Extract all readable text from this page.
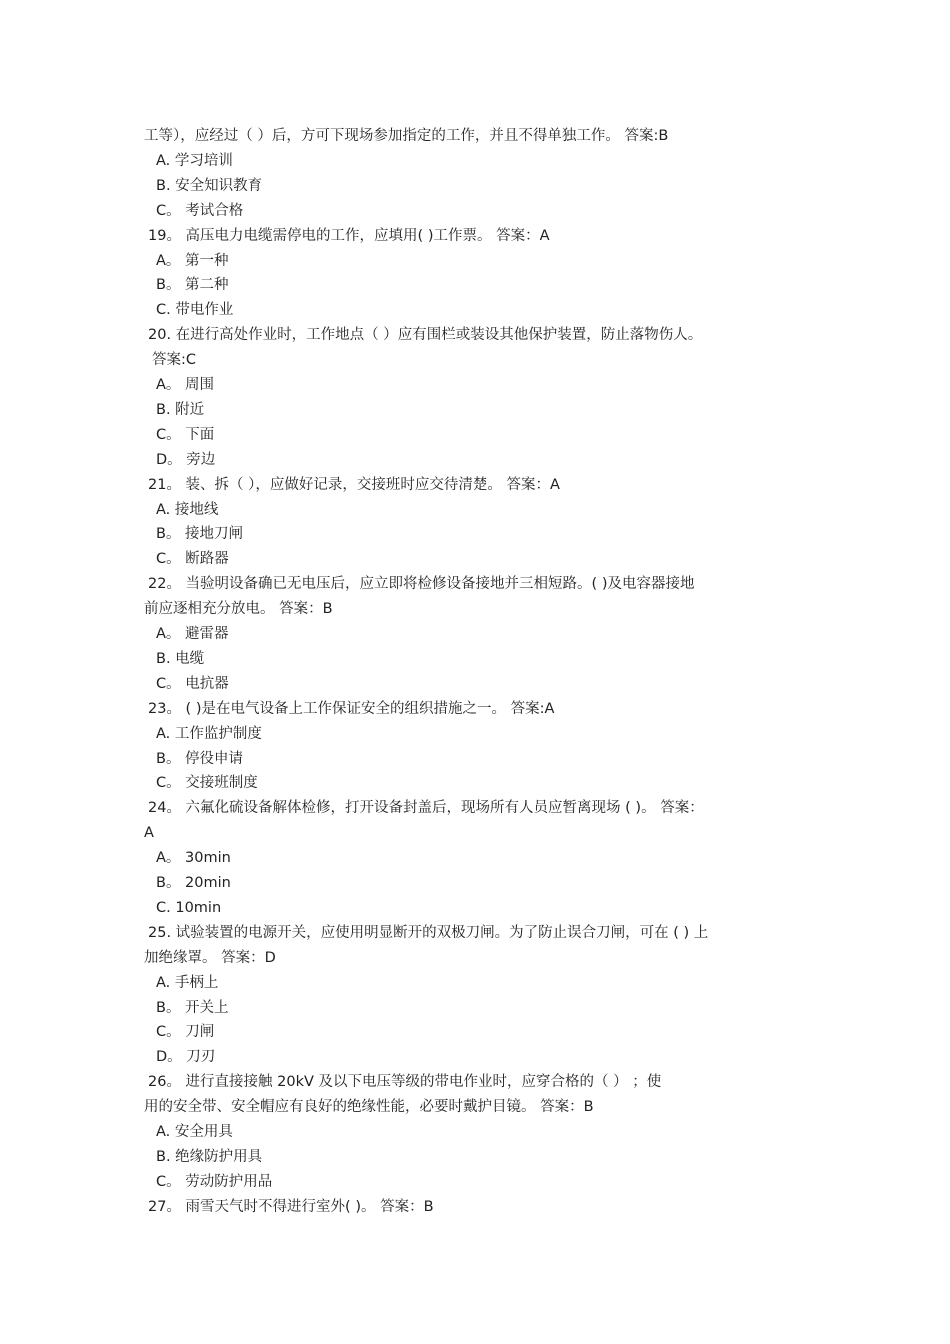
工等），应经过（ ）后，方可下现场参加指定的工作，并且不得单独工作。 答案:B
A. 学习培训
B. 安全知识教育
C。 考试合格
19。 高压电力电缆需停电的工作，应填用( )工作票。 答案：A
A。 第一种
B。 第二种
C. 带电作业
20. 在进行高处作业时，工作地点（ ）应有围栏或装设其他保护装置，防止落物伤人。
答案:C
A。 周围
B. 附近
C。 下面
D。 旁边
21。 装、拆（ ），应做好记录，交接班时应交待清楚。 答案：A
A. 接地线
B。 接地刀闸
C。 断路器
22。 当验明设备确已无电压后，应立即将检修设备接地并三相短路。( )及电容器接地
前应逐相充分放电。 答案：B
A。 避雷器
B. 电缆
C。 电抗器
23。 ( )是在电气设备上工作保证安全的组织措施之一。 答案:A
A. 工作监护制度
B。 停役申请
C。 交接班制度
24。 六氟化硫设备解体检修，打开设备封盖后，现场所有人员应暂离现场 ( )。 答案：
A
A。 30min
B。 20min
C. 10min
25. 试验装置的电源开关，应使用明显断开的双极刀闸。为了防止误合刀闸，可在 ( ) 上
加绝缘罩。 答案：D
A. 手柄上
B。 开关上
C。 刀闸
D。 刀刃
26。 进行直接接触 20kV 及以下电压等级的带电作业时，应穿合格的（ ） ；使
用的安全带、安全帽应有良好的绝缘性能，必要时戴护目镜。 答案：B
A. 安全用具
B. 绝缘防护用具
C。 劳动防护用品
27。 雨雪天气时不得进行室外( )。 答案：B
